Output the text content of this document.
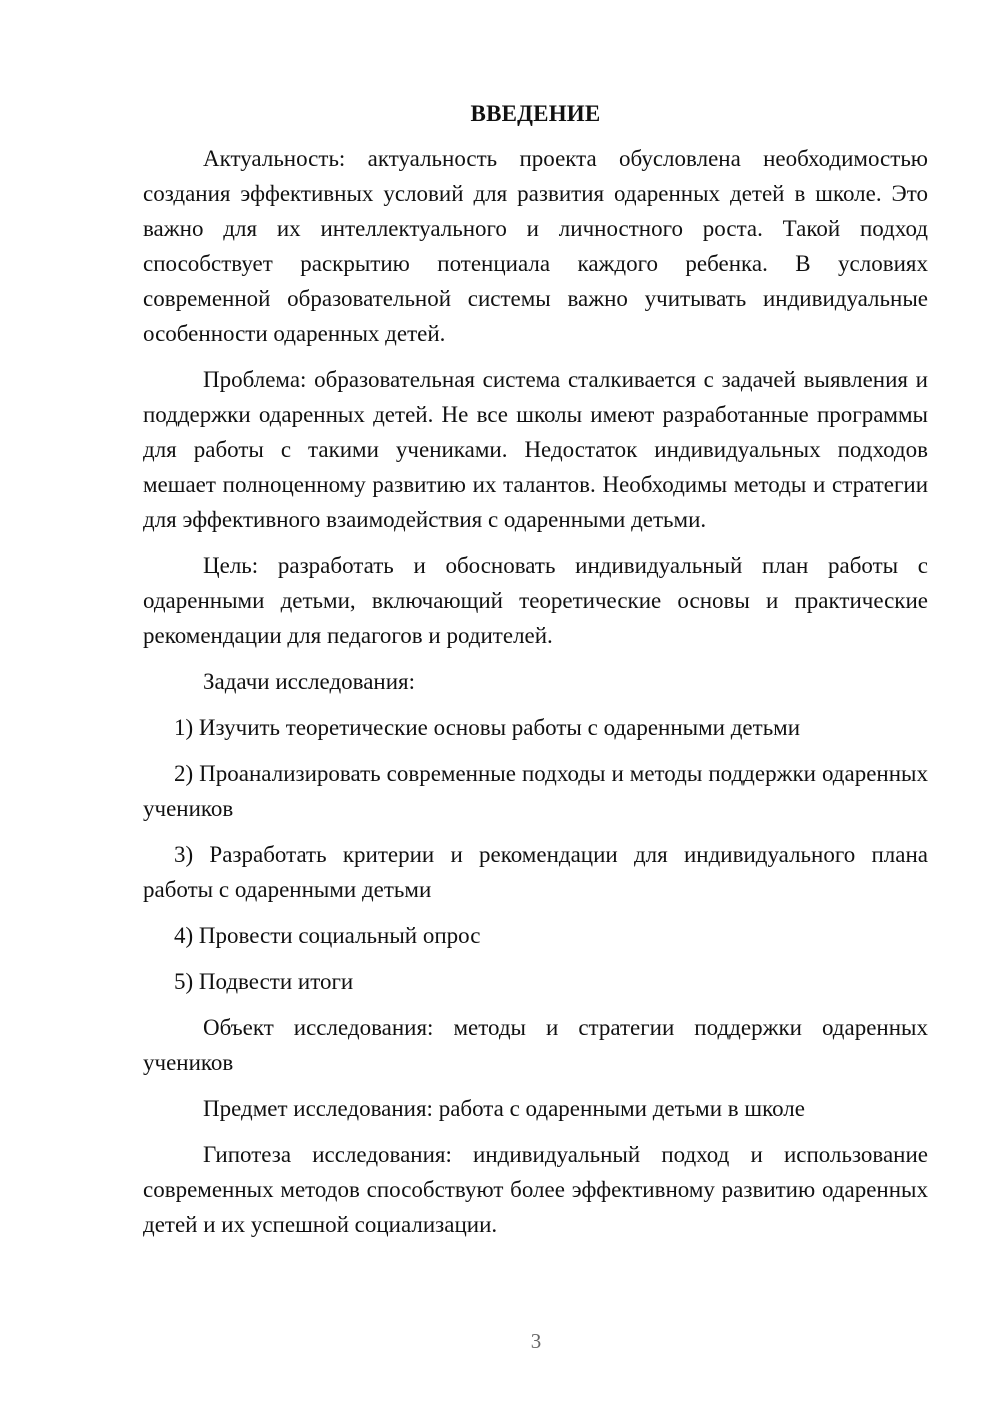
ВВЕДЕНИЕ

Актуальность: актуальность проекта обусловлена необходимостью создания эффективных условий для развития одаренных детей в школе. Это важно для их интеллектуального и личностного роста. Такой подход способствует раскрытию потенциала каждого ребенка. В условиях современной образовательной системы важно учитывать индивидуальные особенности одаренных детей.

Проблема: образовательная система сталкивается с задачей выявления и поддержки одаренных детей. Не все школы имеют разработанные программы для работы с такими учениками. Недостаток индивидуальных подходов мешает полноценному развитию их талантов. Необходимы методы и стратегии для эффективного взаимодействия с одаренными детьми.

Цель: разработать и обосновать индивидуальный план работы с одаренными детьми, включающий теоретические основы и практические рекомендации для педагогов и родителей.

Задачи исследования:

1) Изучить теоретические основы работы с одаренными детьми

2) Проанализировать современные подходы и методы поддержки одаренных учеников

3) Разработать критерии и рекомендации для индивидуального плана работы с одаренными детьми

4) Провести социальный опрос

5) Подвести итоги

Объект исследования: методы и стратегии поддержки одаренных учеников

Предмет исследования: работа с одаренными детьми в школе

Гипотеза исследования: индивидуальный подход и использование современных методов способствуют более эффективному развитию одаренных детей и их успешной социализации.

3
